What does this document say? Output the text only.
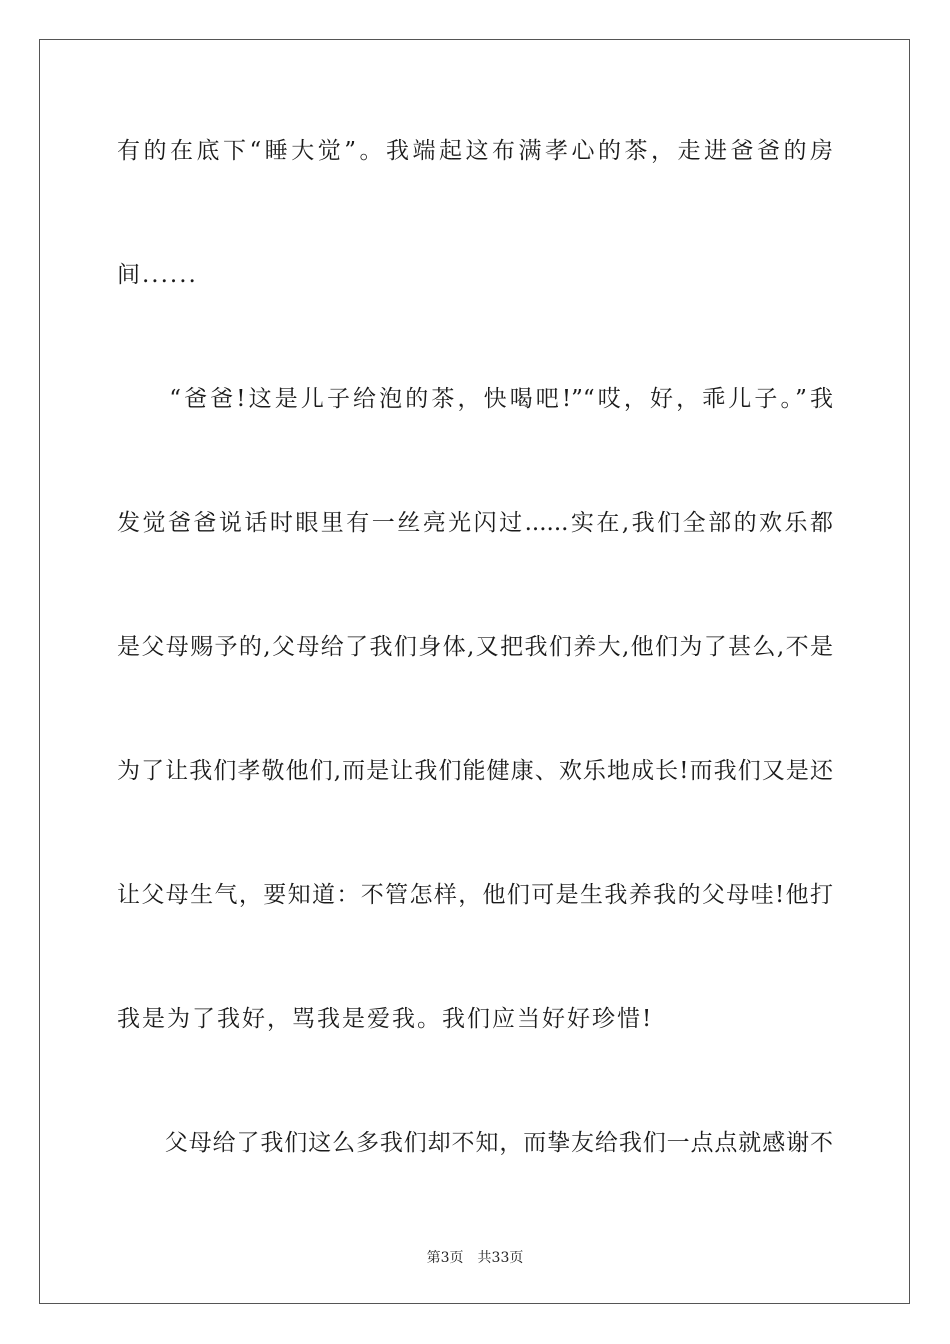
有的在底下“睡大觉”。我端起这布满孝心的茶，走进爸爸的房
间......
　　“爸爸!这是儿子给泡的茶，快喝吧!”“哎，好，乖儿子。”我
发觉爸爸说话时眼里有一丝亮光闪过......实在,我们全部的欢乐都
是父母赐予的,父母给了我们身体,又把我们养大,他们为了甚么,不是
为了让我们孝敬他们,而是让我们能健康、欢乐地成长!而我们又是还
让父母生气，要知道：不管怎样，他们可是生我养我的父母哇!他打
我是为了我好，骂我是爱我。我们应当好好珍惜!
　　父母给了我们这么多我们却不知，而挚友给我们一点点就感谢不
第3页 共33页
